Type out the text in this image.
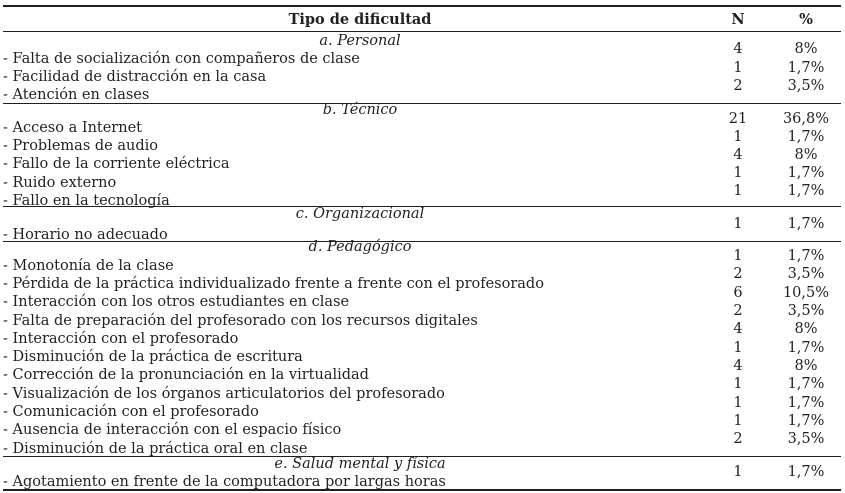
Tipo de dificultad	N	%
a. Personal
- Falta de socialización con compañeros de clase
4	8%
- Facilidad de distracción en la casa
1	1,7%
- Atención en clases
2	3,5%
b. Técnico
- Acceso a Internet
21	36,8%
- Problemas de audio
1	1,7%
- Fallo de la corriente eléctrica
4	8%
- Ruido externo
1	1,7%
- Fallo en la tecnología
1	1,7%
c. Organizacional
- Horario no adecuado
1	1,7%
d. Pedagógico
- Monotonía de la clase
1	1,7%
- Pérdida de la práctica individualizado frente a frente con el profesorado
2	3,5%
- Interacción con los otros estudiantes en clase
6	10,5%
- Falta de preparación del profesorado con los recursos digitales
2	3,5%
- Interacción con el profesorado
4	8%
- Disminución de la práctica de escritura
1	1,7%
- Corrección de la pronunciación en la virtualidad
4	8%
- Visualización de los órganos articulatorios del profesorado
1	1,7%
- Comunicación con el profesorado
1	1,7%
- Ausencia de interacción con el espacio físico
1	1,7%
- Disminución de la práctica oral en clase
2	3,5%
e. Salud mental y física
- Agotamiento en frente de la computadora por largas horas
1	1,7%
